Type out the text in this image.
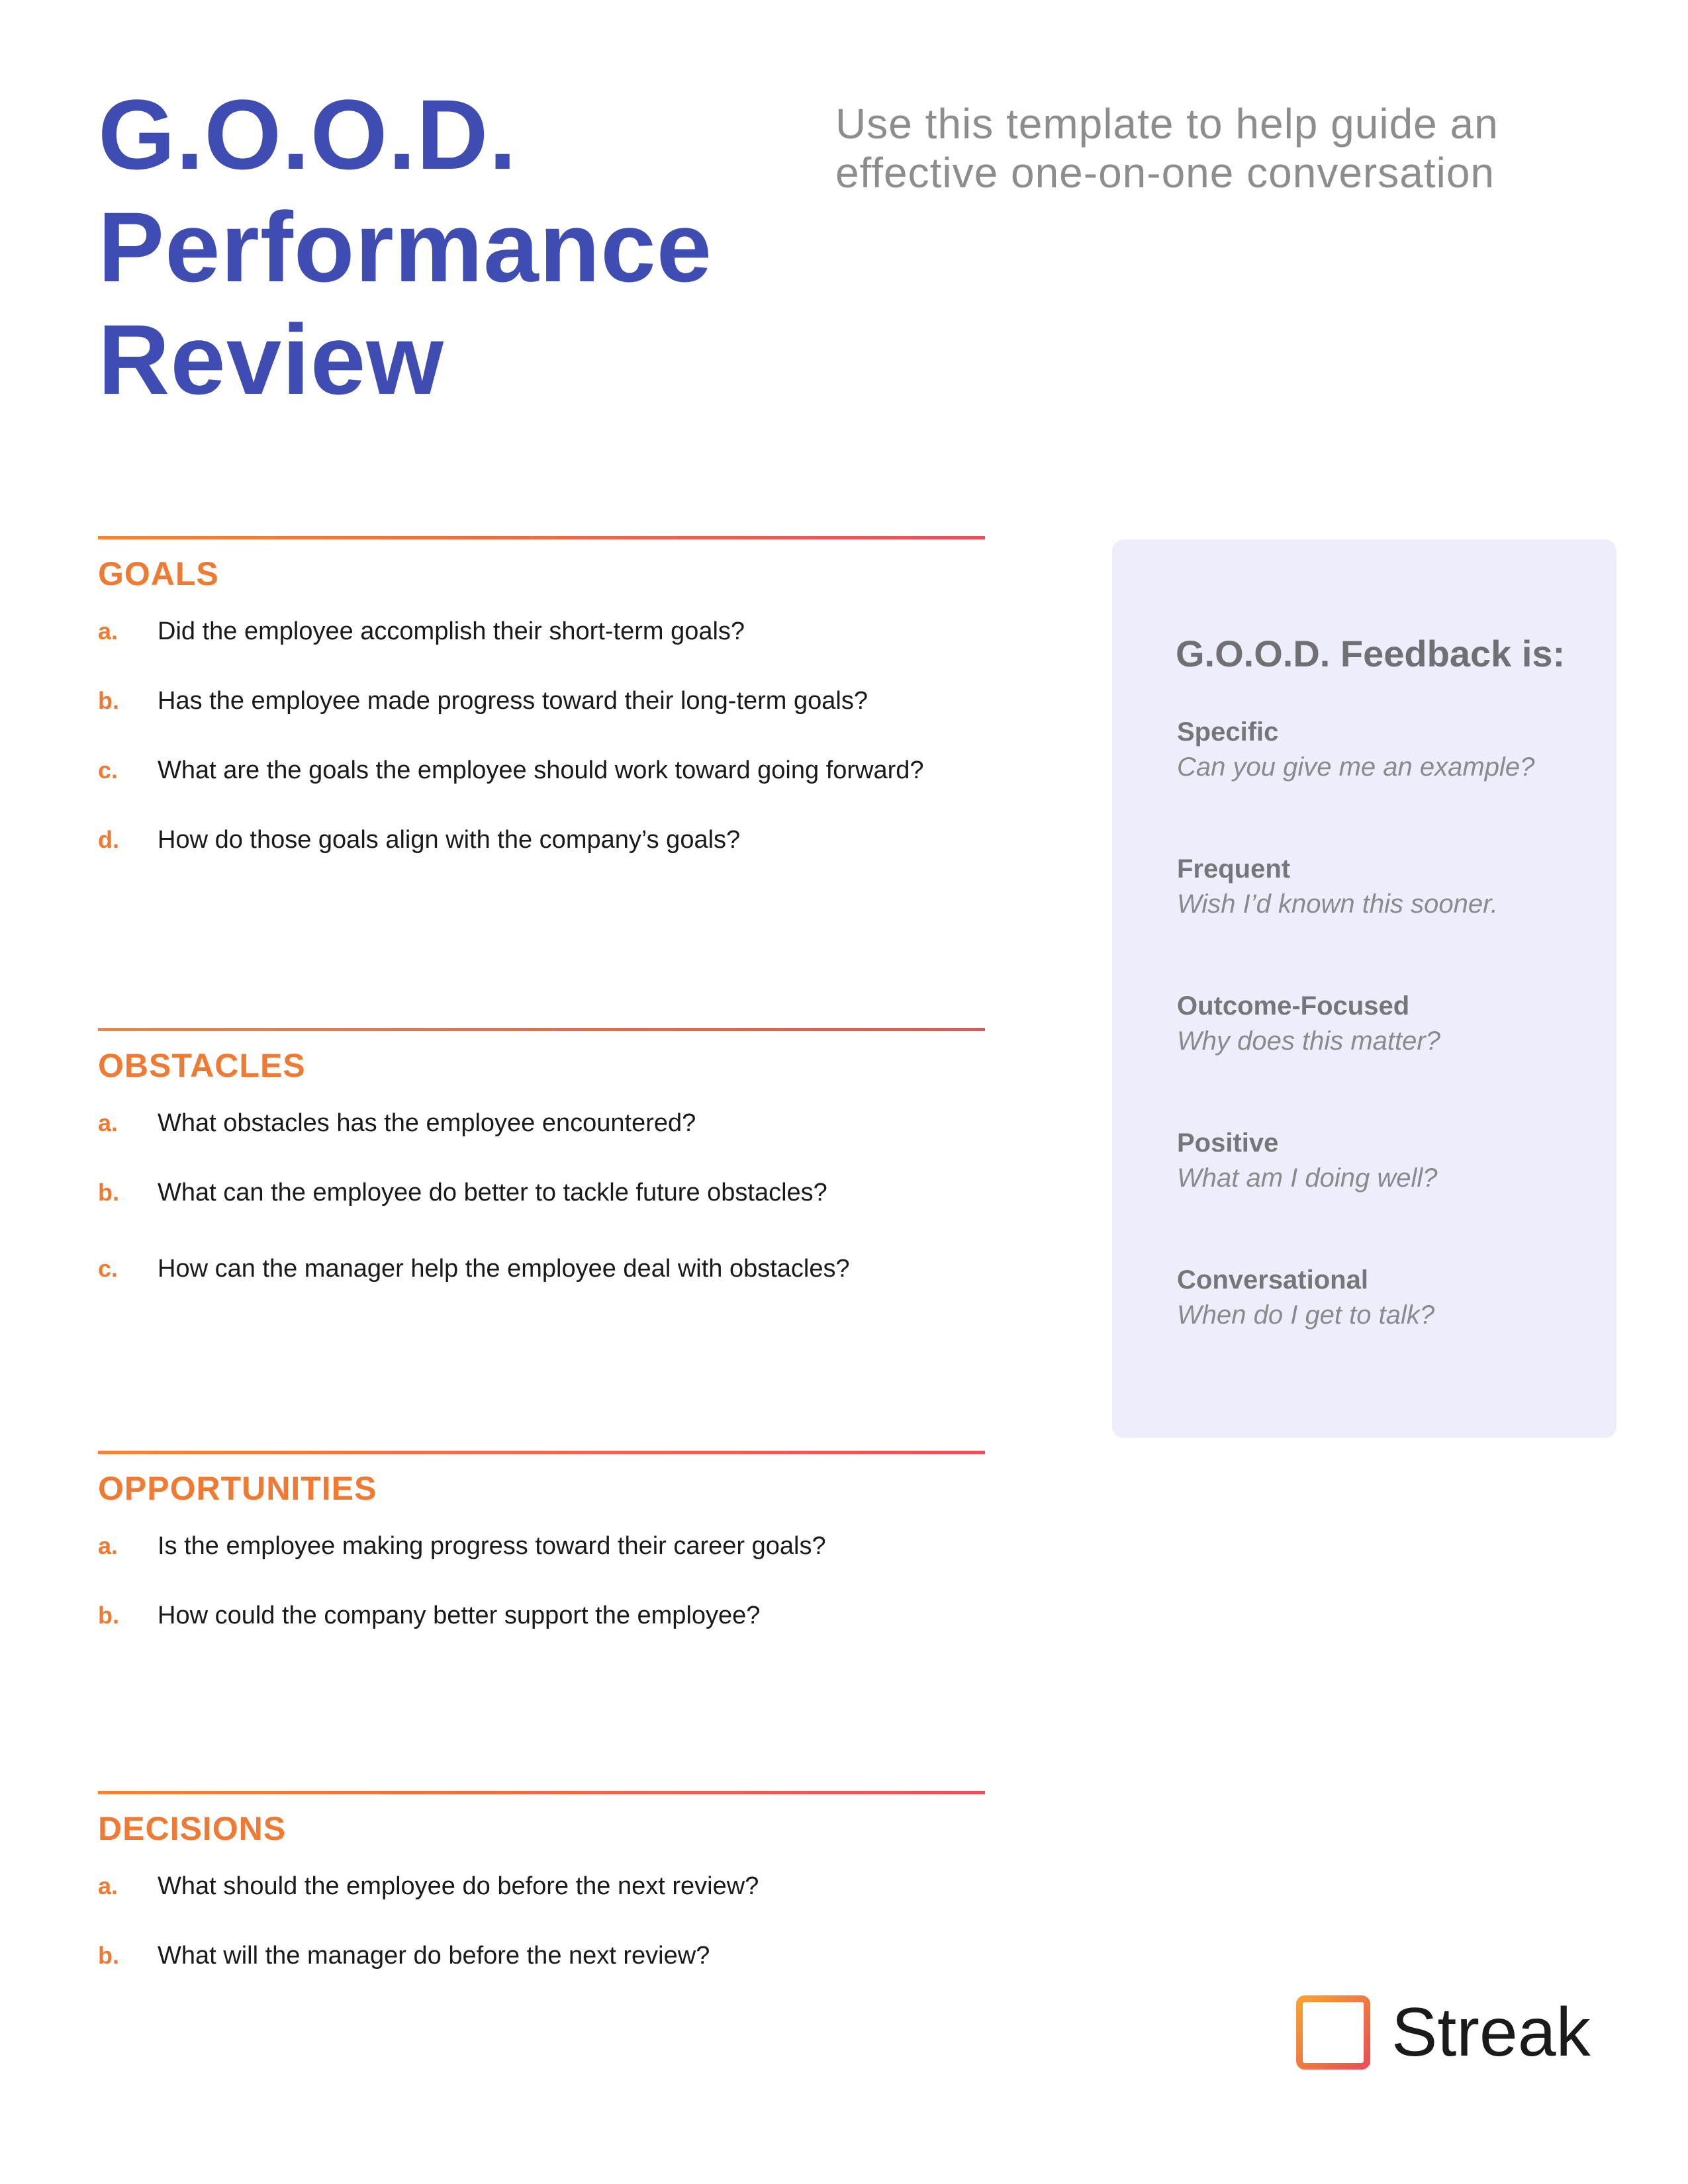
G.O.O.D.
Performance
Review
Use this template to help guide an
effective one-on-one conversation
GOALS
a.	Did the employee accomplish their short-term goals?
b.	Has the employee made progress toward their long-term goals?
c.	What are the goals the employee should work toward going forward?
d.	How do those goals align with the company’s goals?
OBSTACLES
a.	What obstacles has the employee encountered?
b.	What can the employee do better to tackle future obstacles?
c.	How can the manager help the employee deal with obstacles?
OPPORTUNITIES
a.	Is the employee making progress toward their career goals?
b.	How could the company better support the employee?
DECISIONS
a.	What should the employee do before the next review?
b.	What will the manager do before the next review?
G.O.O.D. Feedback is:
Specific
Can you give me an example?
Frequent
Wish I’d known this sooner.
Outcome-Focused
Why does this matter?
Positive
What am I doing well?
Conversational
When do I get to talk?
Streak
